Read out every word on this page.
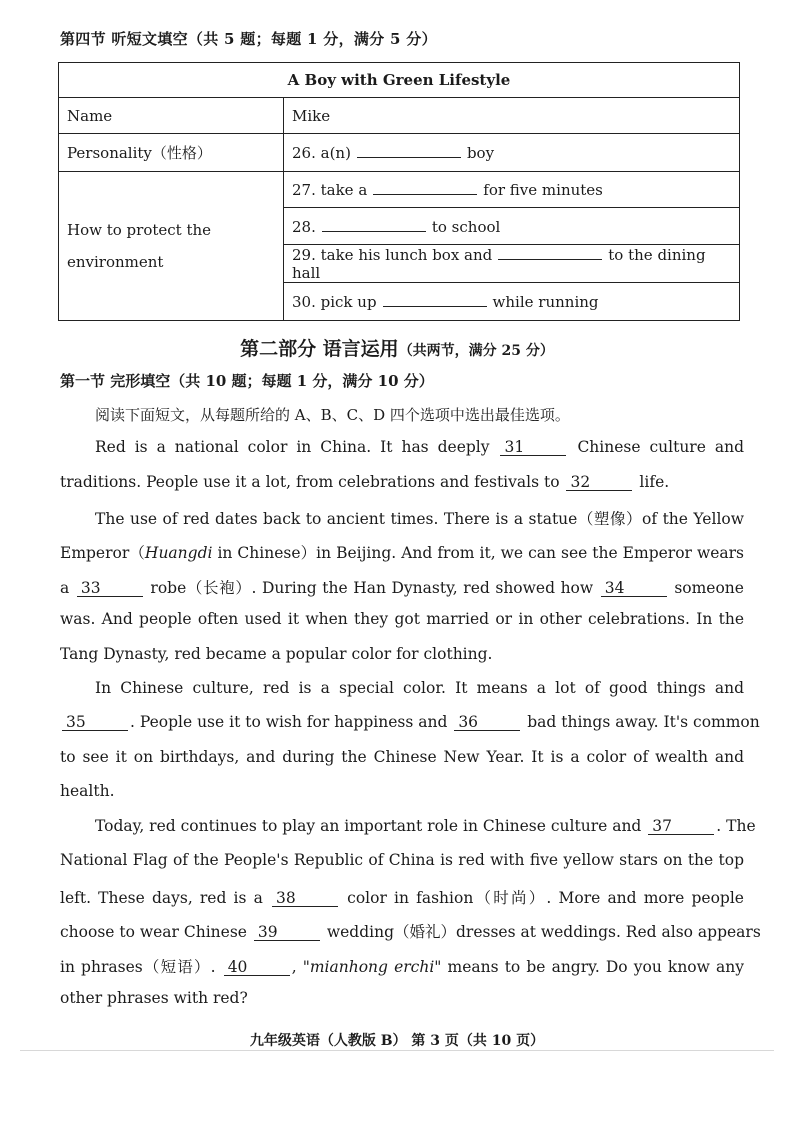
第四节 听短文填空（共 5 题；每题 1 分，满分 5 分）
A Boy with Green Lifestyle	
Name	Mike
Personality（性格）	26. a(n) boy
How to protect the
environment	27. take a for five minutes
	28. to school
	29. take his lunch box and to the dining hall
	30. pick up while running
第二部分 语言运用（共两节，满分 25 分）
第一节 完形填空（共 10 题；每题 1 分，满分 10 分）
阅读下面短文，从每题所给的 A、B、C、D 四个选项中选出最佳选项。
Red is a national color in China. It has deeply 31	Chinese culture and
traditions. People use it a lot, from celebrations and festivals to 32	life.
The use of red dates back to ancient times. There is a statue（塑像）of the Yellow
Emperor（Huangdi in Chinese）in Beijing. And from it, we can see the Emperor wears
a 33	robe（长袍）. During the Han Dynasty, red showed how 34	someone
was. And people often used it when they got married or in other celebrations. In the
Tang Dynasty, red became a popular color for clothing.
In Chinese culture, red is a special color. It means a lot of good things and
35	. People use it to wish for happiness and 36	bad things away. It's common
to see it on birthdays, and during the Chinese New Year. It is a color of wealth and
health.
Today, red continues to play an important role in Chinese culture and 37	. The
National Flag of the People's Republic of China is red with five yellow stars on the top
left. These days, red is a 38	color in fashion（时尚）. More and more people
choose to wear Chinese 39	wedding（婚礼）dresses at weddings. Red also appears
in phrases（短语）. 40	, "mianhong erchi" means to be angry. Do you know any
other phrases with red?
九年级英语（人教版 B） 第 3 页（共 10 页）
